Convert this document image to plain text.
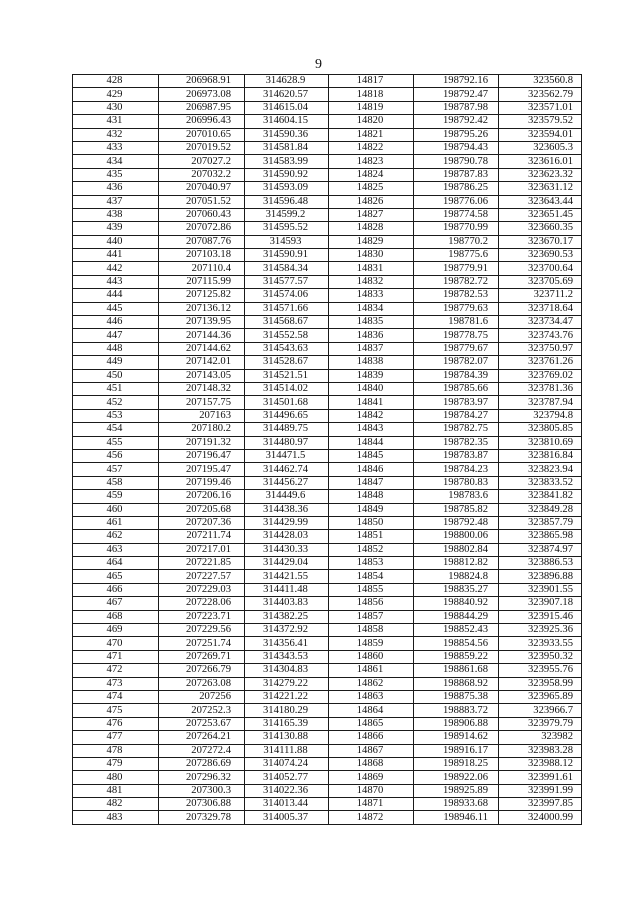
9
428	206968.91	314628.9	14817	198792.16	323560.8
429	206973.08	314620.57	14818	198792.47	323562.79
430	206987.95	314615.04	14819	198787.98	323571.01
431	206996.43	314604.15	14820	198792.42	323579.52
432	207010.65	314590.36	14821	198795.26	323594.01
433	207019.52	314581.84	14822	198794.43	323605.3
434	207027.2	314583.99	14823	198790.78	323616.01
435	207032.2	314590.92	14824	198787.83	323623.32
436	207040.97	314593.09	14825	198786.25	323631.12
437	207051.52	314596.48	14826	198776.06	323643.44
438	207060.43	314599.2	14827	198774.58	323651.45
439	207072.86	314595.52	14828	198770.99	323660.35
440	207087.76	314593	14829	198770.2	323670.17
441	207103.18	314590.91	14830	198775.6	323690.53
442	207110.4	314584.34	14831	198779.91	323700.64
443	207115.99	314577.57	14832	198782.72	323705.69
444	207125.82	314574.06	14833	198782.53	323711.2
445	207136.12	314571.66	14834	198779.63	323718.64
446	207139.95	314568.67	14835	198781.6	323734.47
447	207144.36	314552.58	14836	198778.75	323743.76
448	207144.62	314543.63	14837	198779.67	323750.97
449	207142.01	314528.67	14838	198782.07	323761.26
450	207143.05	314521.51	14839	198784.39	323769.02
451	207148.32	314514.02	14840	198785.66	323781.36
452	207157.75	314501.68	14841	198783.97	323787.94
453	207163	314496.65	14842	198784.27	323794.8
454	207180.2	314489.75	14843	198782.75	323805.85
455	207191.32	314480.97	14844	198782.35	323810.69
456	207196.47	314471.5	14845	198783.87	323816.84
457	207195.47	314462.74	14846	198784.23	323823.94
458	207199.46	314456.27	14847	198780.83	323833.52
459	207206.16	314449.6	14848	198783.6	323841.82
460	207205.68	314438.36	14849	198785.82	323849.28
461	207207.36	314429.99	14850	198792.48	323857.79
462	207211.74	314428.03	14851	198800.06	323865.98
463	207217.01	314430.33	14852	198802.84	323874.97
464	207221.85	314429.04	14853	198812.82	323886.53
465	207227.57	314421.55	14854	198824.8	323896.88
466	207229.03	314411.48	14855	198835.27	323901.55
467	207228.06	314403.83	14856	198840.92	323907.18
468	207223.71	314382.25	14857	198844.29	323915.46
469	207229.56	314372.92	14858	198852.43	323925.36
470	207251.74	314356.41	14859	198854.56	323933.55
471	207269.71	314343.53	14860	198859.22	323950.32
472	207266.79	314304.83	14861	198861.68	323955.76
473	207263.08	314279.22	14862	198868.92	323958.99
474	207256	314221.22	14863	198875.38	323965.89
475	207252.3	314180.29	14864	198883.72	323966.7
476	207253.67	314165.39	14865	198906.88	323979.79
477	207264.21	314130.88	14866	198914.62	323982
478	207272.4	314111.88	14867	198916.17	323983.28
479	207286.69	314074.24	14868	198918.25	323988.12
480	207296.32	314052.77	14869	198922.06	323991.61
481	207300.3	314022.36	14870	198925.89	323991.99
482	207306.88	314013.44	14871	198933.68	323997.85
483	207329.78	314005.37	14872	198946.11	324000.99
